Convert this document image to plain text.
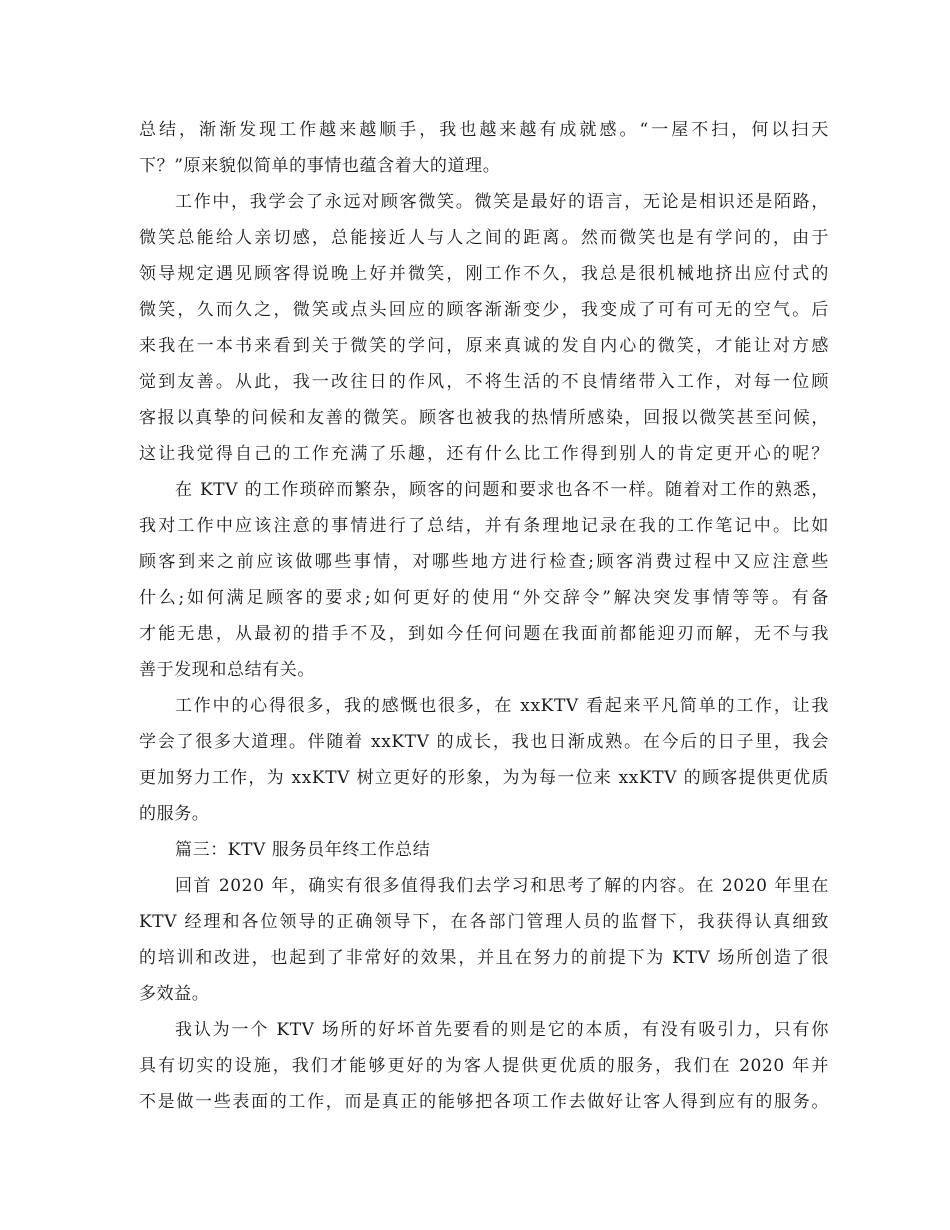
总结，渐渐发现工作越来越顺手，我也越来越有成就感。“一屋不扫，何以扫天
下？”原来貌似简单的事情也蕴含着大的道理。
工作中，我学会了永远对顾客微笑。微笑是最好的语言，无论是相识还是陌路，
微笑总能给人亲切感，总能接近人与人之间的距离。然而微笑也是有学问的，由于
领导规定遇见顾客得说晚上好并微笑，刚工作不久，我总是很机械地挤出应付式的
微笑，久而久之，微笑或点头回应的顾客渐渐变少，我变成了可有可无的空气。后
来我在一本书来看到关于微笑的学问，原来真诚的发自内心的微笑，才能让对方感
觉到友善。从此，我一改往日的作风，不将生活的不良情绪带入工作，对每一位顾
客报以真挚的问候和友善的微笑。顾客也被我的热情所感染，回报以微笑甚至问候，
这让我觉得自己的工作充满了乐趣，还有什么比工作得到别人的肯定更开心的呢？
在 KTV 的工作琐碎而繁杂，顾客的问题和要求也各不一样。随着对工作的熟悉，
我对工作中应该注意的事情进行了总结，并有条理地记录在我的工作笔记中。比如
顾客到来之前应该做哪些事情，对哪些地方进行检查;顾客消费过程中又应注意些
什么;如何满足顾客的要求;如何更好的使用“外交辞令”解决突发事情等等。有备
才能无患，从最初的措手不及，到如今任何问题在我面前都能迎刃而解，无不与我
善于发现和总结有关。
工作中的心得很多，我的感慨也很多，在 xxKTV 看起来平凡简单的工作，让我
学会了很多大道理。伴随着 xxKTV 的成长，我也日渐成熟。在今后的日子里，我会
更加努力工作，为 xxKTV 树立更好的形象，为为每一位来 xxKTV 的顾客提供更优质
的服务。
篇三：KTV 服务员年终工作总结
回首 2020 年，确实有很多值得我们去学习和思考了解的内容。在 2020 年里在
KTV 经理和各位领导的正确领导下，在各部门管理人员的监督下，我获得认真细致
的培训和改进，也起到了非常好的效果，并且在努力的前提下为 KTV 场所创造了很
多效益。
我认为一个 KTV 场所的好坏首先要看的则是它的本质，有没有吸引力，只有你
具有切实的设施，我们才能够更好的为客人提供更优质的服务，我们在 2020 年并
不是做一些表面的工作，而是真正的能够把各项工作去做好让客人得到应有的服务。
